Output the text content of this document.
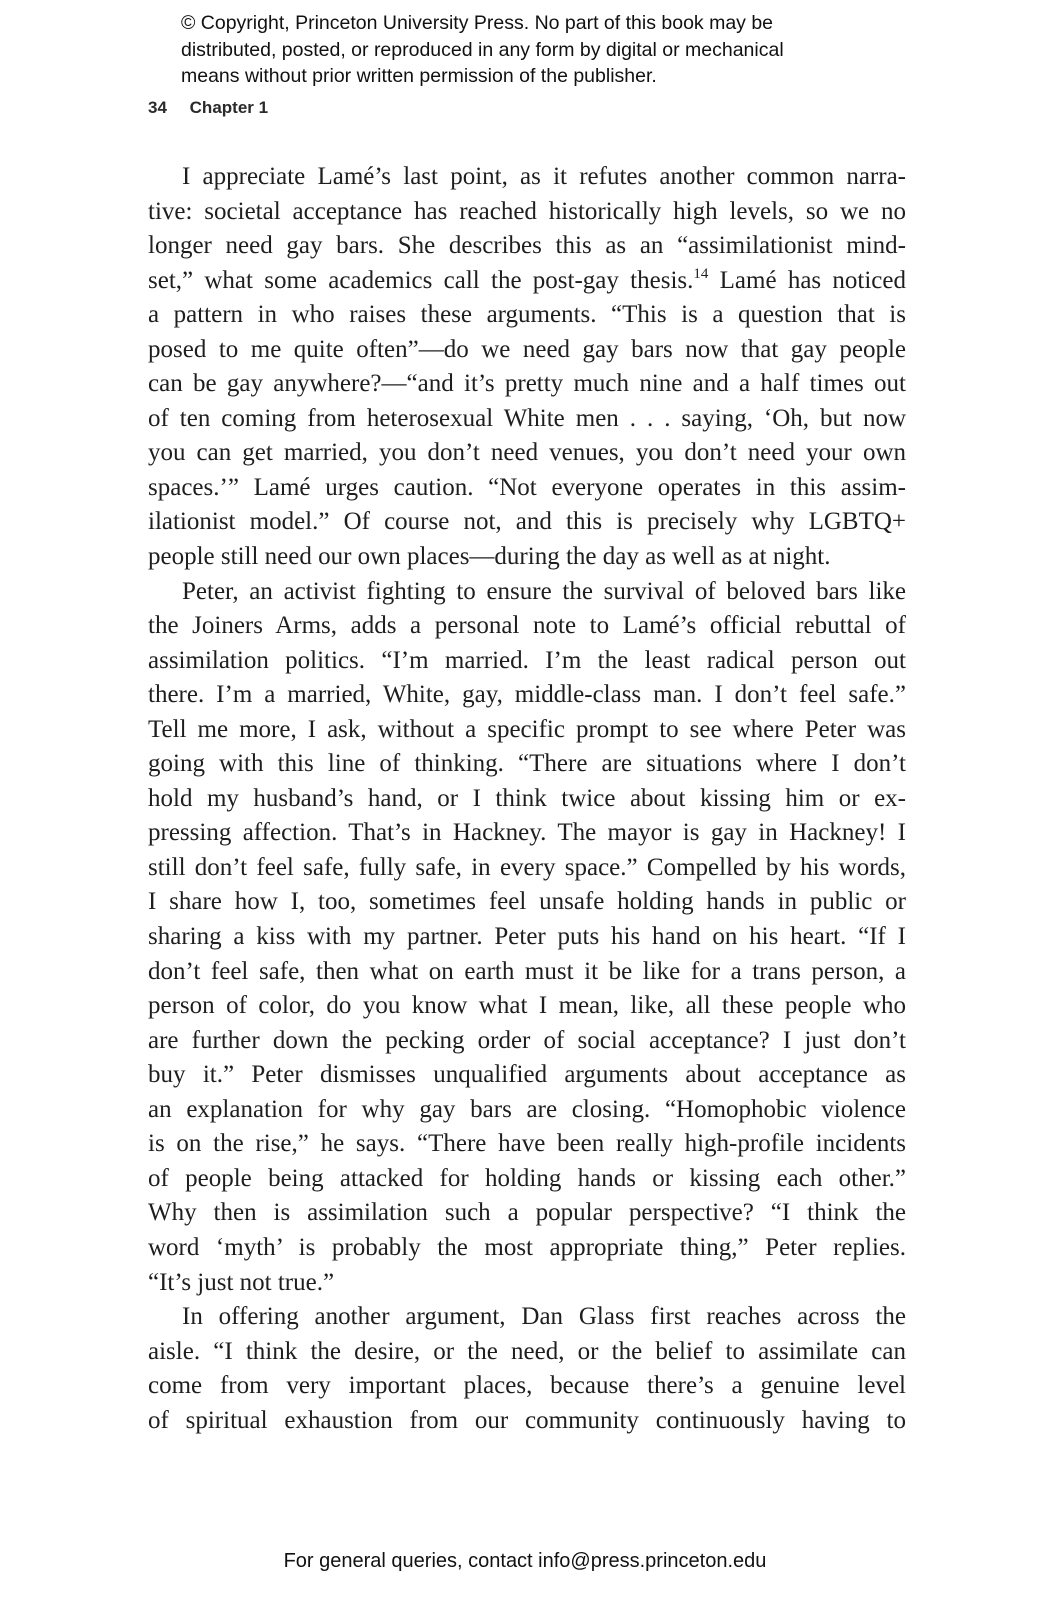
© Copyright, Princeton University Press. No part of this book may be
distributed, posted, or reproduced in any form by digital or mechanical
means without prior written permission of the publisher.
34 Chapter 1
I appreciate Lamé’s last point, as it refutes another common narra-
tive: societal acceptance has reached historically high levels, so we no
longer need gay bars. She describes this as an “assimilationist mind-
set,” what some academics call the post-gay thesis.$^{14}$ Lamé has noticed
a pattern in who raises these arguments. “This is a question that is
posed to me quite often”—do we need gay bars now that gay people
can be gay anywhere?—“and it’s pretty much nine and a half times out
of ten coming from heterosexual White men . . . saying, ‘Oh, but now
you can get married, you don’t need venues, you don’t need your own
spaces.’” Lamé urges caution. “Not everyone operates in this assim-
ilationist model.” Of course not, and this is precisely why LGBTQ+
people still need our own places—during the day as well as at night.
Peter, an activist fighting to ensure the survival of beloved bars like
the Joiners Arms, adds a personal note to Lamé’s official rebuttal of
assimilation politics. “I’m married. I’m the least radical person out
there. I’m a married, White, gay, middle-class man. I don’t feel safe.”
Tell me more, I ask, without a specific prompt to see where Peter was
going with this line of thinking. “There are situations where I don’t
hold my husband’s hand, or I think twice about kissing him or ex-
pressing affection. That’s in Hackney. The mayor is gay in Hackney! I
still don’t feel safe, fully safe, in every space.” Compelled by his words,
I share how I, too, sometimes feel unsafe holding hands in public or
sharing a kiss with my partner. Peter puts his hand on his heart. “If I
don’t feel safe, then what on earth must it be like for a trans person, a
person of color, do you know what I mean, like, all these people who
are further down the pecking order of social acceptance? I just don’t
buy it.” Peter dismisses unqualified arguments about acceptance as
an explanation for why gay bars are closing. “Homophobic violence
is on the rise,” he says. “There have been really high-profile incidents
of people being attacked for holding hands or kissing each other.”
Why then is assimilation such a popular perspective? “I think the
word ‘myth’ is probably the most appropriate thing,” Peter replies.
“It’s just not true.”
In offering another argument, Dan Glass first reaches across the
aisle. “I think the desire, or the need, or the belief to assimilate can
come from very important places, because there’s a genuine level
of spiritual exhaustion from our community continuously having to
For general queries, contact info@press.princeton.edu
